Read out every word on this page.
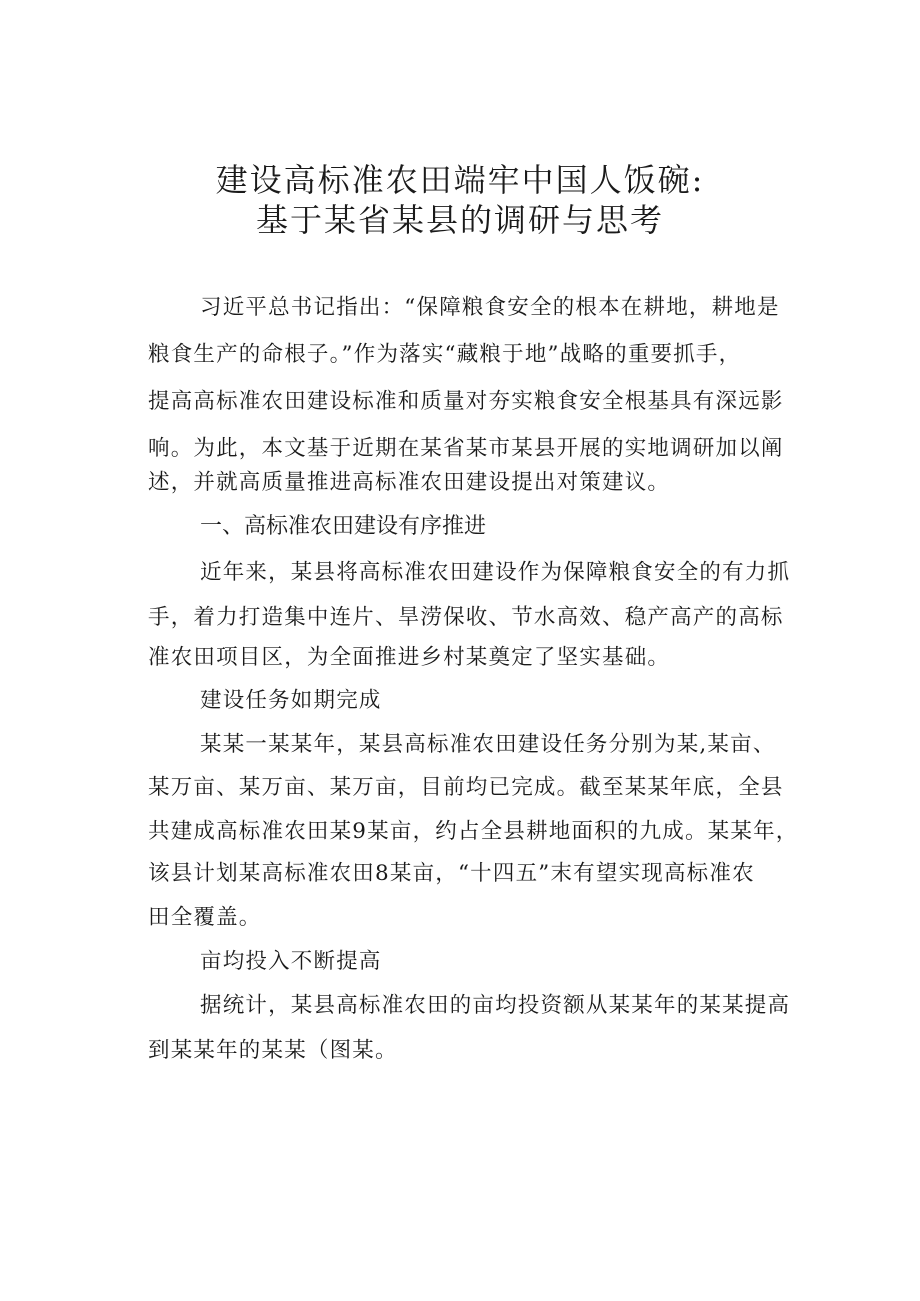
建设高标准农田端牢中国人饭碗:
基于某省某县的调研与思考
习近平总书记指出：“保障粮食安全的根本在耕地，耕地是
粮食生产的命根子。”作为落实“藏粮于地”战略的重要抓手，
提高高标准农田建设标准和质量对夯实粮食安全根基具有深远影
响。为此，本文基于近期在某省某市某县开展的实地调研加以阐
述，并就高质量推进高标准农田建设提出对策建议。
一、高标准农田建设有序推进
近年来，某县将高标准农田建设作为保障粮食安全的有力抓
手，着力打造集中连片、旱涝保收、节水高效、稳产高产的高标
准农田项目区，为全面推进乡村某奠定了坚实基础。
建设任务如期完成
某某一某某年，某县高标准农田建设任务分别为某,某亩、
某万亩、某万亩、某万亩，目前均已完成。截至某某年底，全县
共建成高标准农田某9某亩，约占全县耕地面积的九成。某某年，
该县计划某高标准农田8某亩，“十四五”末有望实现高标准农
田全覆盖。
亩均投入不断提高
据统计，某县高标准农田的亩均投资额从某某年的某某提高
到某某年的某某（图某。
